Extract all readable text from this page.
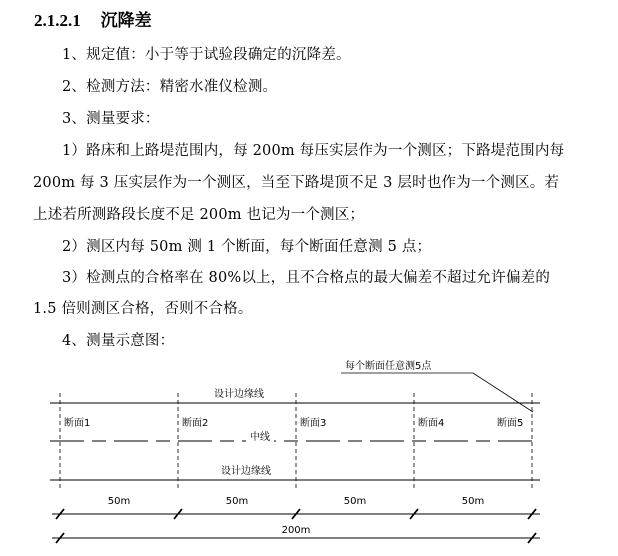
2.1.2.1 沉降差
1、规定值：小于等于试验段确定的沉降差。
2、检测方法：精密水准仪检测。
3、测量要求：
1）路床和上路堤范围内，每 200m 每压实层作为一个测区；下路堤范围内每
200m 每 3 压实层作为一个测区，当至下路堤顶不足 3 层时也作为一个测区。若
上述若所测路段长度不足 200m 也记为一个测区；
2）测区内每 50m 测 1 个断面，每个断面任意测 5 点；
3）检测点的合格率在 80%以上，且不合格点的最大偏差不超过允许偏差的
1.5 倍则测区合格，否则不合格。
4、测量示意图：
每个断面任意测5点
设计边缘线
设计边缘线
中线
断面1	断面2	断面3	断面4	断面5
50m	50m	50m	50m
200m
